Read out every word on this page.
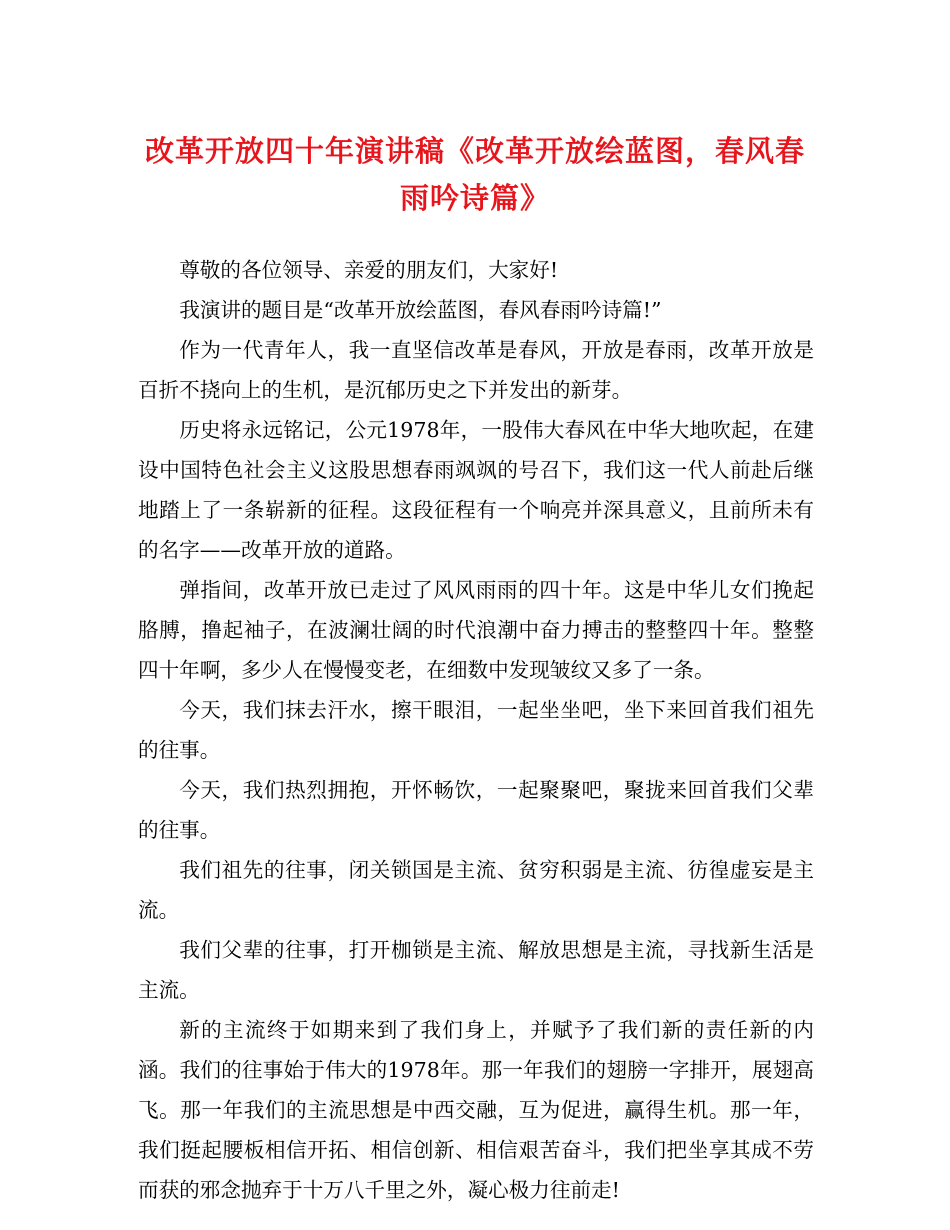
改革开放四十年演讲稿《改革开放绘蓝图，春风春雨吟诗篇》

尊敬的各位领导、亲爱的朋友们，大家好!

我演讲的题目是“改革开放绘蓝图，春风春雨吟诗篇!”

作为一代青年人，我一直坚信改革是春风，开放是春雨，改革开放是百折不挠向上的生机，是沉郁历史之下并发出的新芽。

历史将永远铭记，公元1978年，一股伟大春风在中华大地吹起，在建设中国特色社会主义这股思想春雨飒飒的号召下，我们这一代人前赴后继地踏上了一条崭新的征程。这段征程有一个响亮并深具意义，且前所未有的名字——改革开放的道路。

弹指间，改革开放已走过了风风雨雨的四十年。这是中华儿女们挽起胳膊，撸起袖子，在波澜壮阔的时代浪潮中奋力搏击的整整四十年。整整四十年啊，多少人在慢慢变老，在细数中发现皱纹又多了一条。

今天，我们抹去汗水，擦干眼泪，一起坐坐吧，坐下来回首我们祖先的往事。

今天，我们热烈拥抱，开怀畅饮，一起聚聚吧，聚拢来回首我们父辈的往事。

我们祖先的往事，闭关锁国是主流、贫穷积弱是主流、彷徨虚妄是主流。

我们父辈的往事，打开枷锁是主流、解放思想是主流，寻找新生活是主流。

新的主流终于如期来到了我们身上，并赋予了我们新的责任新的内涵。我们的往事始于伟大的1978年。那一年我们的翅膀一字排开，展翅高飞。那一年我们的主流思想是中西交融，互为促进，赢得生机。那一年，我们挺起腰板相信开拓、相信创新、相信艰苦奋斗，我们把坐享其成不劳而获的邪念抛弃于十万八千里之外，凝心极力往前走!
